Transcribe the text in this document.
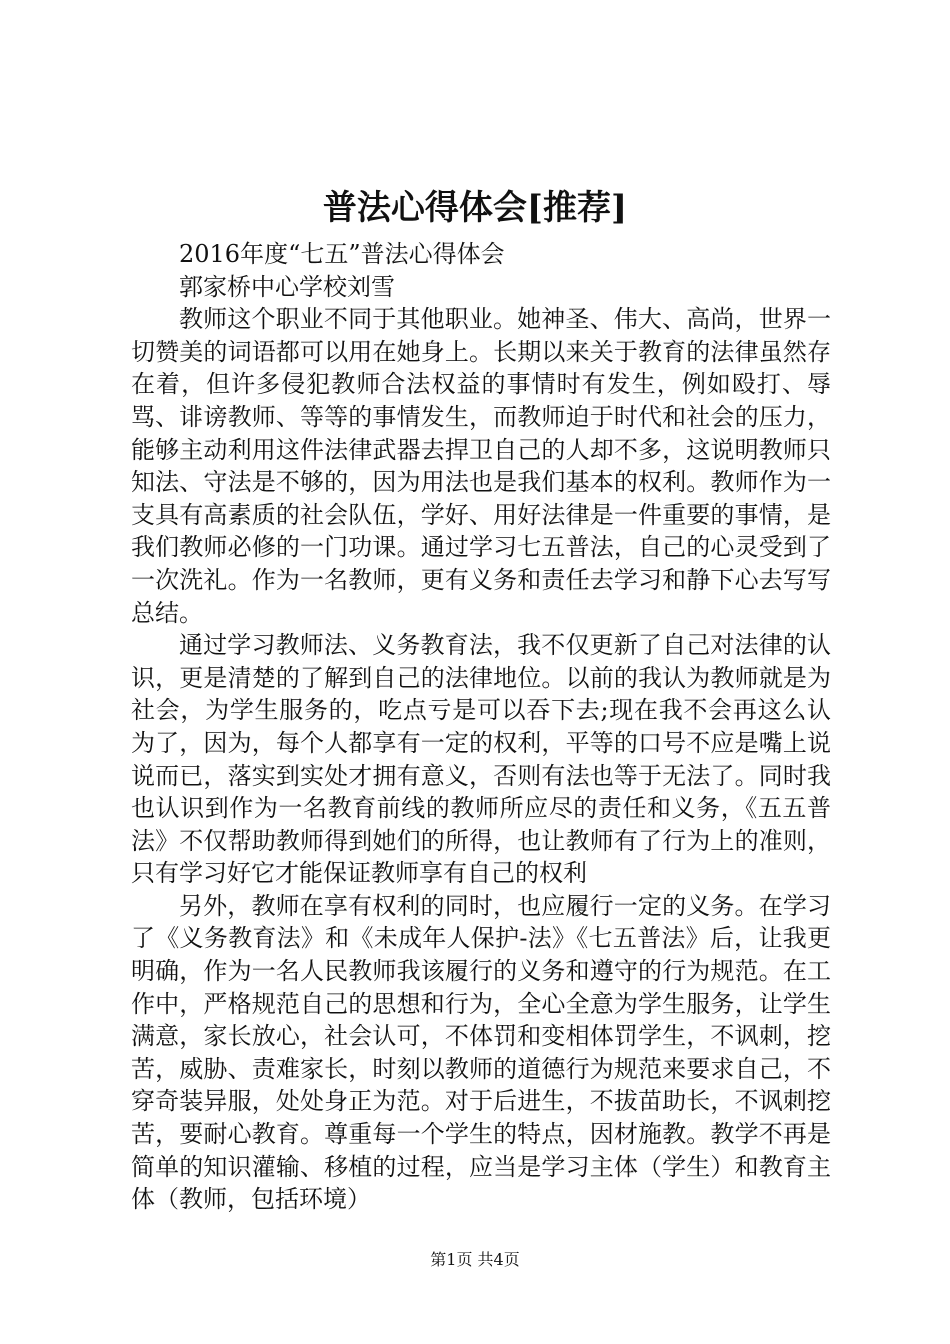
普法心得体会[推荐]

2016年度“七五”普法心得体会

郭家桥中心学校刘雪

教师这个职业不同于其他职业。她神圣、伟大、高尚，世界一切赞美的词语都可以用在她身上。长期以来关于教育的法律虽然存在着，但许多侵犯教师合法权益的事情时有发生，例如殴打、辱骂、诽谤教师、等等的事情发生，而教师迫于时代和社会的压力，能够主动利用这件法律武器去捍卫自己的人却不多，这说明教师只知法、守法是不够的，因为用法也是我们基本的权利。教师作为一支具有高素质的社会队伍，学好、用好法律是一件重要的事情，是我们教师必修的一门功课。通过学习七五普法，自己的心灵受到了一次洗礼。作为一名教师，更有义务和责任去学习和静下心去写写总结。

通过学习教师法、义务教育法，我不仅更新了自己对法律的认识，更是清楚的了解到自己的法律地位。以前的我认为教师就是为社会，为学生服务的，吃点亏是可以吞下去;现在我不会再这么认为了，因为，每个人都享有一定的权利，平等的口号不应是嘴上说说而已，落实到实处才拥有意义，否则有法也等于无法了。同时我也认识到作为一名教育前线的教师所应尽的责任和义务，《五五普法》不仅帮助教师得到她们的所得，也让教师有了行为上的准则，只有学习好它才能保证教师享有自己的权利

另外，教师在享有权利的同时，也应履行一定的义务。在学习了《义务教育法》和《未成年人保护-法》《七五普法》后，让我更明确，作为一名人民教师我该履行的义务和遵守的行为规范。在工作中，严格规范自己的思想和行为，全心全意为学生服务，让学生满意，家长放心，社会认可，不体罚和变相体罚学生，不讽刺，挖苦，威胁、责难家长，时刻以教师的道德行为规范来要求自己，不穿奇装异服，处处身正为范。对于后进生，不拔苗助长，不讽刺挖苦，要耐心教育。尊重每一个学生的特点，因材施教。教学不再是简单的知识灌输、移植的过程，应当是学习主体（学生）和教育主体（教师，包括环境）

第1页 共4页
